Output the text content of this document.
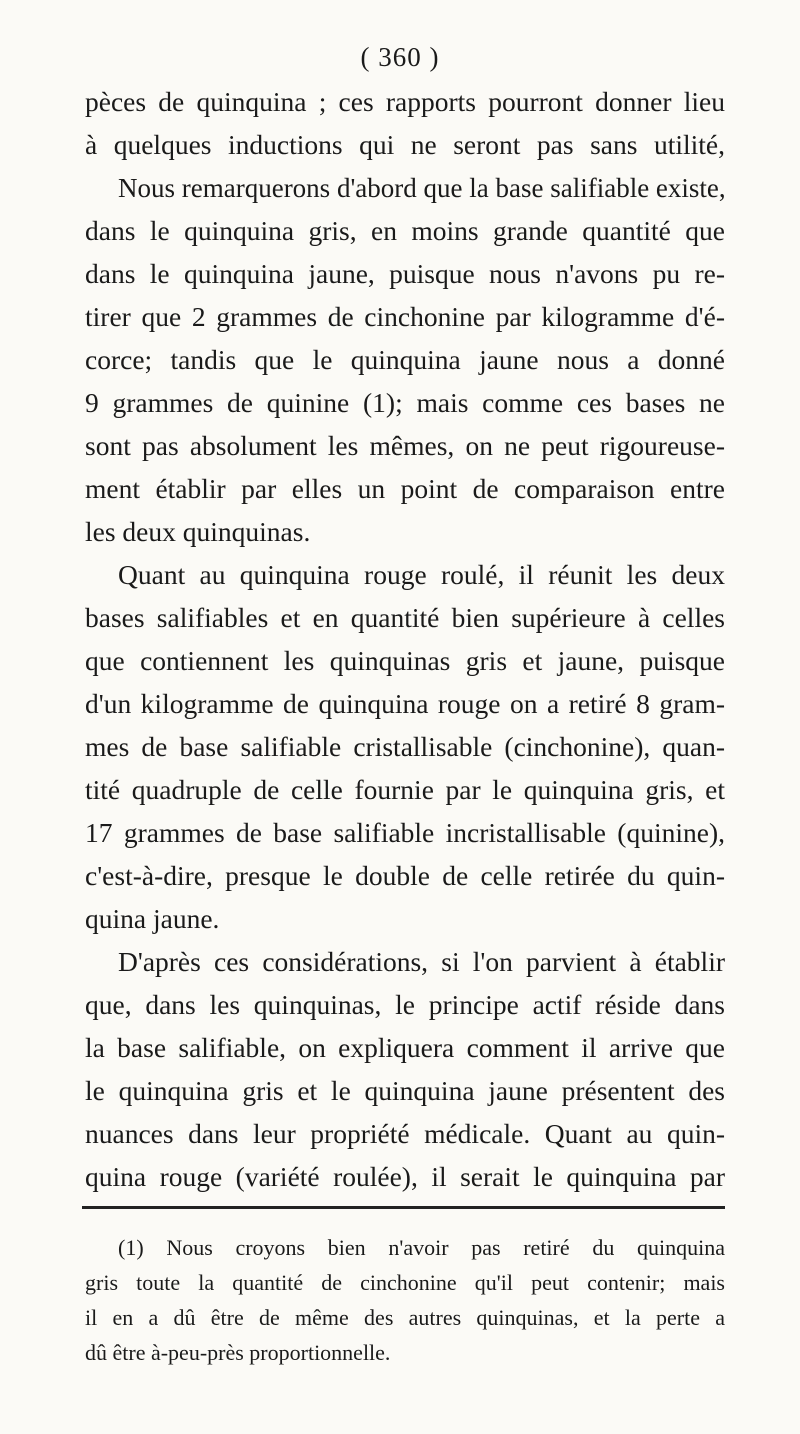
( 360 )
pèces de quinquina ; ces rapports pourront donner lieu
à quelques inductions qui ne seront pas sans utilité,
Nous remarquerons d'abord que la base salifiable existe,
dans le quinquina gris, en moins grande quantité que
dans le quinquina jaune, puisque nous n'avons pu re-
tirer que 2 grammes de cinchonine par kilogramme d'é-
corce; tandis que le quinquina jaune nous a donné
9 grammes de quinine (1); mais comme ces bases ne
sont pas absolument les mêmes, on ne peut rigoureuse-
ment établir par elles un point de comparaison entre
les deux quinquinas.
Quant au quinquina rouge roulé, il réunit les deux
bases salifiables et en quantité bien supérieure à celles
que contiennent les quinquinas gris et jaune, puisque
d'un kilogramme de quinquina rouge on a retiré 8 gram-
mes de base salifiable cristallisable (cinchonine), quan-
tité quadruple de celle fournie par le quinquina gris, et
17 grammes de base salifiable incristallisable (quinine),
c'est-à-dire, presque le double de celle retirée du quin-
quina jaune.
D'après ces considérations, si l'on parvient à établir
que, dans les quinquinas, le principe actif réside dans
la base salifiable, on expliquera comment il arrive que
le quinquina gris et le quinquina jaune présentent des
nuances dans leur propriété médicale. Quant au quin-
quina rouge (variété roulée), il serait le quinquina par
(1) Nous croyons bien n'avoir pas retiré du quinquina
gris toute la quantité de cinchonine qu'il peut contenir; mais
il en a dû être de même des autres quinquinas, et la perte a
dû être à-peu-près proportionnelle.
